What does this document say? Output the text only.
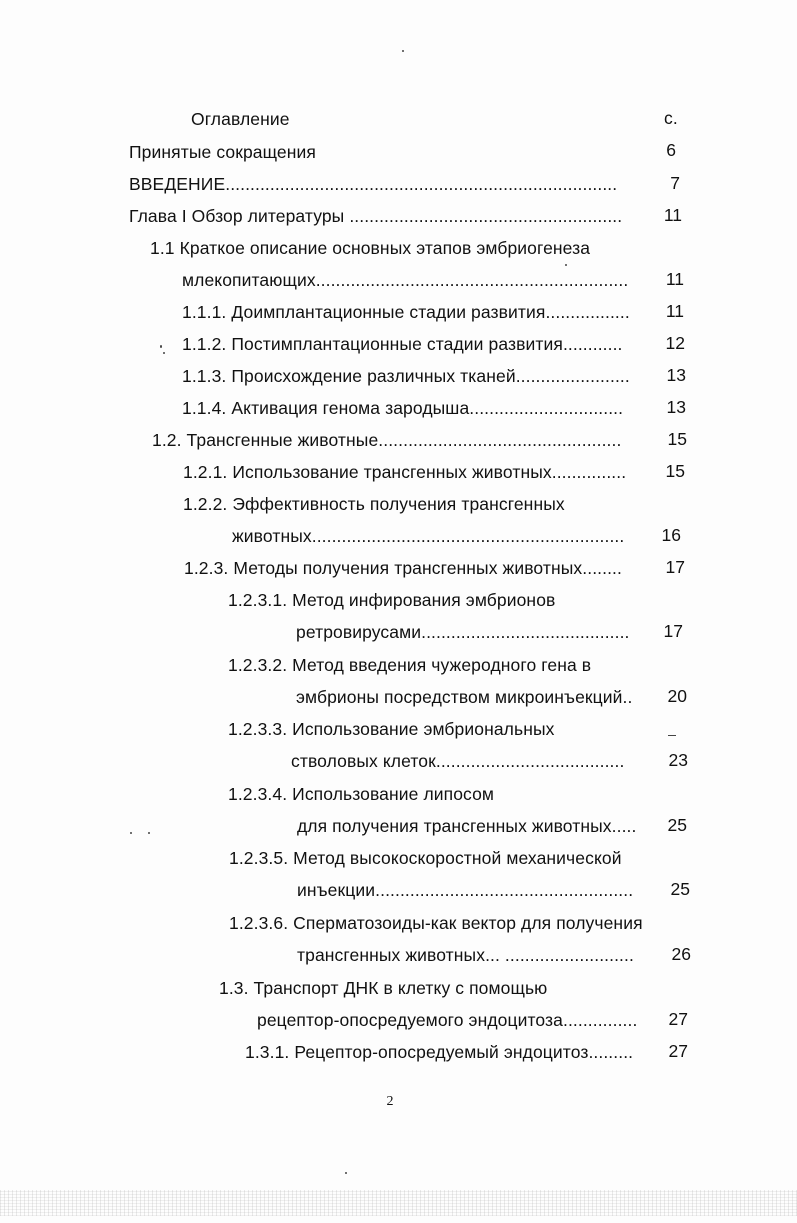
Оглавление	с.
Принятые сокращения	6
ВВЕДЕНИЕ...............................................................................	7
Глава I Обзор литературы .......................................................	11
1.1 Краткое описание основных этапов эмбриогенеза
млекопитающих...............................................................	11
1.1.1. Доимплантационные стадии развития.................	11
1.1.2. Постимплантационные стадии развития............	12
1.1.3. Происхождение различных тканей.......................	13
1.1.4. Активация генома зародыша...............................	13
1.2. Трансгенные животные.................................................	15
1.2.1. Использование трансгенных животных...............	15
1.2.2. Эффективность получения трансгенных
животных...............................................................	16
1.2.3. Методы получения трансгенных животных........	17
1.2.3.1. Метод инфирования эмбрионов
ретровирусами..........................................	17
1.2.3.2. Метод введения чужеродного гена в
эмбрионы посредством микроинъекций..	20
1.2.3.3. Использование эмбриональных
стволовых клеток......................................	23
1.2.3.4. Использование липосом
для получения трансгенных животных.....	25
1.2.3.5. Метод высокоскоростной механической
инъекции....................................................	25
1.2.3.6. Сперматозоиды-как вектор для получения
трансгенных животных... ..........................	26
1.3. Транспорт ДНК в клетку с помощью
рецептор-опосредуемого эндоцитоза...............	27
1.3.1. Рецептор-опосредуемый эндоцитоз.........	27
2
